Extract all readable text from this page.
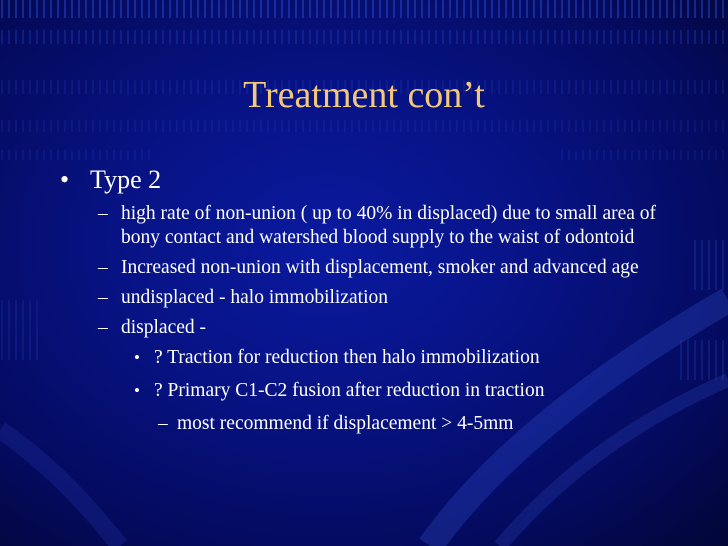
Treatment con’t
• Type 2
– high rate of non-union ( up to 40% in displaced) due to small area of bony contact and watershed blood supply to the waist of odontoid
– Increased non-union with displacement, smoker and advanced age
– undisplaced - halo immobilization
– displaced -
• ? Traction for reduction then halo immobilization
• ? Primary C1-C2 fusion after reduction in traction
– most recommend if displacement > 4-5mm
